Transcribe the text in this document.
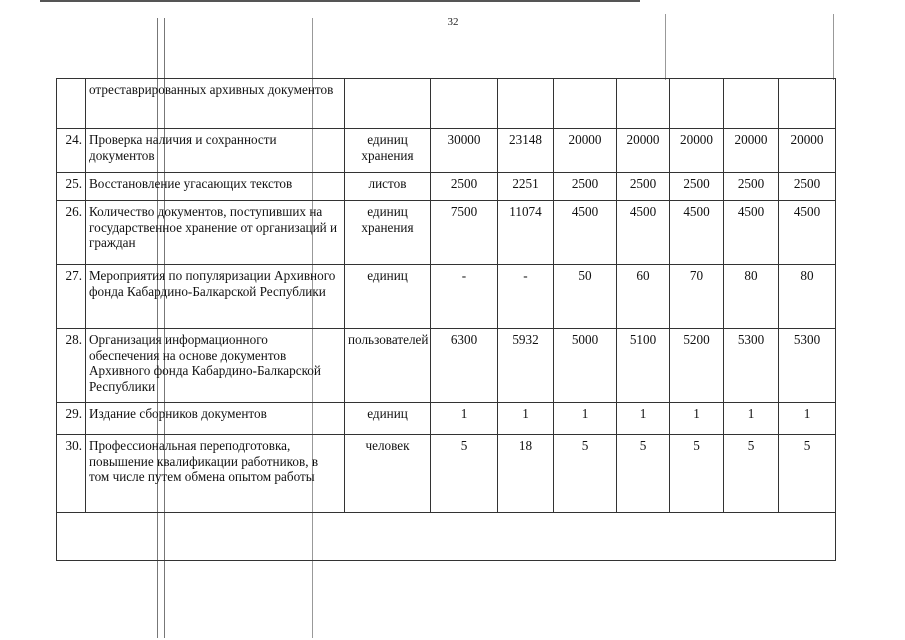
32
	отреставрированных архивных документов								
24.	Проверка наличия и сохранности документов	единиц хранения	30000	23148	20000	20000	20000	20000	20000
25.	Восстановление угасающих текстов	листов	2500	2251	2500	2500	2500	2500	2500
26.	Количество документов, поступивших на государственное хранение от организаций и граждан	единиц хранения	7500	11074	4500	4500	4500	4500	4500
27.	Мероприятия по популяризации Архивного фонда Кабардино-Балкарской Республики	единиц	-	-	50	60	70	80	80
28.	Организация информационного обеспечения на основе документов Архивного фонда Кабардино-Балкарской Республики	пользователей	6300	5932	5000	5100	5200	5300	5300
29.	Издание сборников документов	единиц	1	1	1	1	1	1	1
30.	Профессиональная переподготовка, повышение квалификации работников, в том числе путем обмена опытом работы	человек	5	18	5	5	5	5	5
